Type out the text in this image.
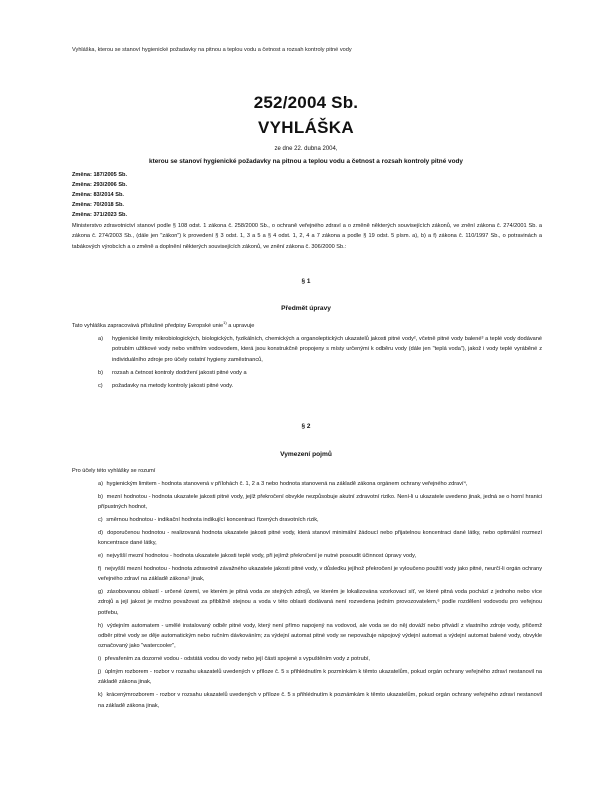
Vyhláška, kterou se stanoví hygienické požadavky na pitnou a teplou vodu a četnost a rozsah kontroly pitné vody
252/2004 Sb.
VYHLÁŠKA
ze dne 22. dubna 2004,
kterou se stanoví hygienické požadavky na pitnou a teplou vodu a četnost a rozsah kontroly pitné vody
Změna: 187/2005 Sb.
Změna: 293/2006 Sb.
Změna: 83/2014 Sb.
Změna: 70/2018 Sb.
Změna: 371/2023 Sb.
Ministerstvo zdravotnictví stanoví podle § 108 odst. 1 zákona č. 258/2000 Sb., o ochraně veřejného zdraví a o změně některých souvisejících zákonů, ve znění zákona č. 274/2001 Sb. a zákona č. 274/2003 Sb., (dále jen "zákon") k provedení § 3 odst. 1, 3 a 5 a § 4 odst. 1, 2, 4 a 7 zákona a podle § 19 odst. 5 písm. a), b) a f) zákona č. 110/1997 Sb., o potravinách a tabákových výrobcích a o změně a doplnění některých souvisejících zákonů, ve znění zákona č. 306/2000 Sb.:
§ 1
Předmět úpravy
Tato vyhláška zapracovává příslušné předpisy Evropské unie$^{1)}$ a upravuje
a) hygienické limity mikrobiologických, biologických, fyzikálních, chemických a organoleptických ukazatelů jakosti pitné vody², včetně pitné vody balené³ a teplé vody dodávané potrubím užitkové vody nebo vnitřním vodovodem, která jsou konstrukčně propojeny s místy určenými k odběru vody (dále jen "teplá voda"), jakož i vody teplé vyráběné z individuálního zdroje pro účely ostatní hygieny zaměstnanců,
b) rozsah a četnost kontroly dodržení jakosti pitné vody a
c) požadavky na metody kontroly jakosti pitné vody.
§ 2
Vymezení pojmů
Pro účely této vyhlášky se rozumí
a) hygienickým limitem - hodnota stanovená v přílohách č. 1, 2 a 3 nebo hodnota stanovená na základě zákona orgánem ochrany veřejného zdraví⁴,
b) mezní hodnotou - hodnota ukazatele jakosti pitné vody, jejíž překročení obvykle nezpůsobuje akutní zdravotní riziko. Není-li u ukazatele uvedeno jinak, jedná se o horní hranici přípustných hodnot,
c) směrnou hodnotou - indikační hodnota indikující koncentraci řízených dravotních rizik,
d) doporučenou hodnotou - realizovaná hodnota ukazatele jakosti pitné vody, která stanoví minimální žádoucí nebo přijatelnou koncentraci dané látky, nebo optimální rozmezí koncentrace dané látky,
e) nejvyšší mezní hodnotou - hodnota ukazatele jakosti teplé vody, při jejímž překročení je nutné posoudit účinnost úpravy vody,
f) nejvyšší mezní hodnotou - hodnota zdravotně závažného ukazatele jakosti pitné vody, v důsledku jejíhož překročení je vyloučeno použití vody jako pitné, neurčí-li orgán ochrany veřejného zdraví na základě zákona⁵ jinak,
g) zásobovanou oblastí - určené území, ve kterém je pitná voda ze stejných zdrojů, ve kterém je lokalizována vzorkovací síť, ve které pitná voda pochází z jednoho nebo více zdrojů a její jakost je možno považovat za přibližně stejnou a voda v této oblasti dodávaná není rozvedena jedním provozovatelem,⁶ podle rozdělení vodovodu pro veřejnou potřebu,
h) výdejním automatem - umělé instalovaný odběr pitné vody, který není přímo napojený na vodovod, ale voda se do něj dováží nebo přivádí z vlastního zdroje vody, přičemž odběr pitné vody se děje automatickým nebo ručním dávkováním; za výdejní automat pitné vody se nepovažuje nápojový výdejní automat a výdejní automat balené vody, obvykle označovaný jako "watercooler",
i) převařením za dozorné vodou - odstátá vodou do vody nebo její části spojené s vypuštěním vody z potrubí,
j) úplným rozborem - rozbor v rozsahu ukazatelů uvedených v příloze č. 5 s přihlédnutím k pozmínkám k těmto ukazatelům, pokud orgán ochrany veřejného zdraví nestanovil na základě zákona jinak,
k) krácenýmrozborem - rozbor v rozsahu ukazatelů uvedených v příloze č. 5 s přihlédnutím k poznámkám k těmto ukazatelům, pokud orgán ochrany veřejného zdraví nestanovil na základě zákona jinak,
